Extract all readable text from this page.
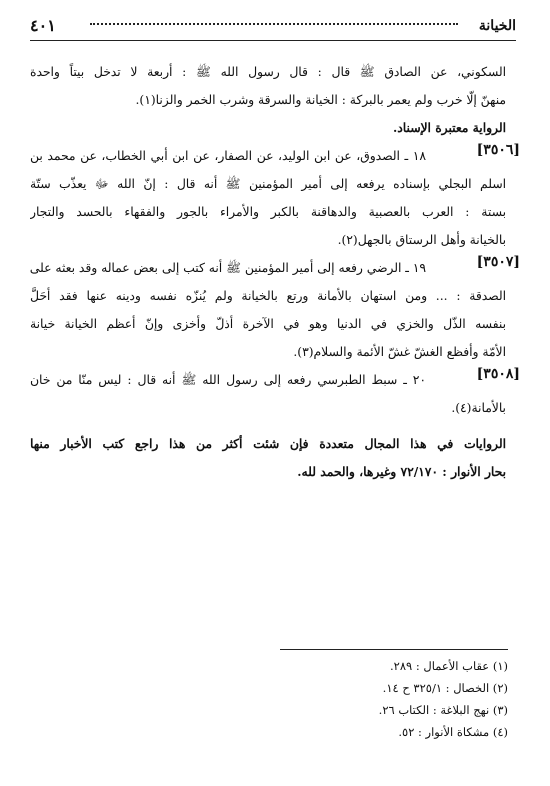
الخيانة
٤٠١
السكوني، عن الصادق ﷺ قال : قال رسول الله ﷺ : أربعة لا تدخل بيتاً واحدة
منهنّ إلّا خرب ولم يعمر بالبركة : الخيانة والسرقة وشرب الخمر والزنا(١).
الرواية معتبرة الإسناد.
[٣٥٠٦]
١٨ ـ الصدوق، عن ابن الوليد، عن الصفار، عن ابن أبي الخطاب، عن محمد بن
اسلم البجلي بإسناده يرفعه إلى أمير المؤمنين ﷺ أنه قال : إنّ الله ﷻ يعذّب ستّة
بستة : العرب بالعصبية والدهاقنة بالكبر والأمراء بالجور والفقهاء بالحسد والتجار
بالخيانة وأهل الرستاق بالجهل(٢).
[٣٥٠٧]
١٩ ـ الرضي رفعه إلى أمير المؤمنين ﷺ أنه كتب إلى بعض عماله وقد بعثه على
الصدقة : ... ومن استهان بالأمانة ورتع بالخيانة ولم يُنزّه نفسه ودينه عنها فقد أحَلَّ
بنفسه الذّل والخزي في الدنيا وهو في الآخرة أذلّ وأخزى وإنّ أعظم الخيانة خيانة
الأمّة وأفظع الغشّ غشّ الأئمة والسلام(٣).
[٣٥٠٨]
٢٠ ـ سبط الطبرسي رفعه إلى رسول الله ﷺ أنه قال : ليس منّا من خان
بالأمانة(٤).
الروايات في هذا المجال متعددة فإن شئت أكثر من هذا راجع كتب الأخبار منها
بحار الأنوار : ٧٢/١٧٠ وغيرها، والحمد لله.
(١) عقاب الأعمال : ٢٨٩.
(٢) الخصال : ٣٢٥/١ ح ١٤.
(٣) نهج البلاغة : الكتاب ٢٦.
(٤) مشكاة الأنوار : ٥٢.
